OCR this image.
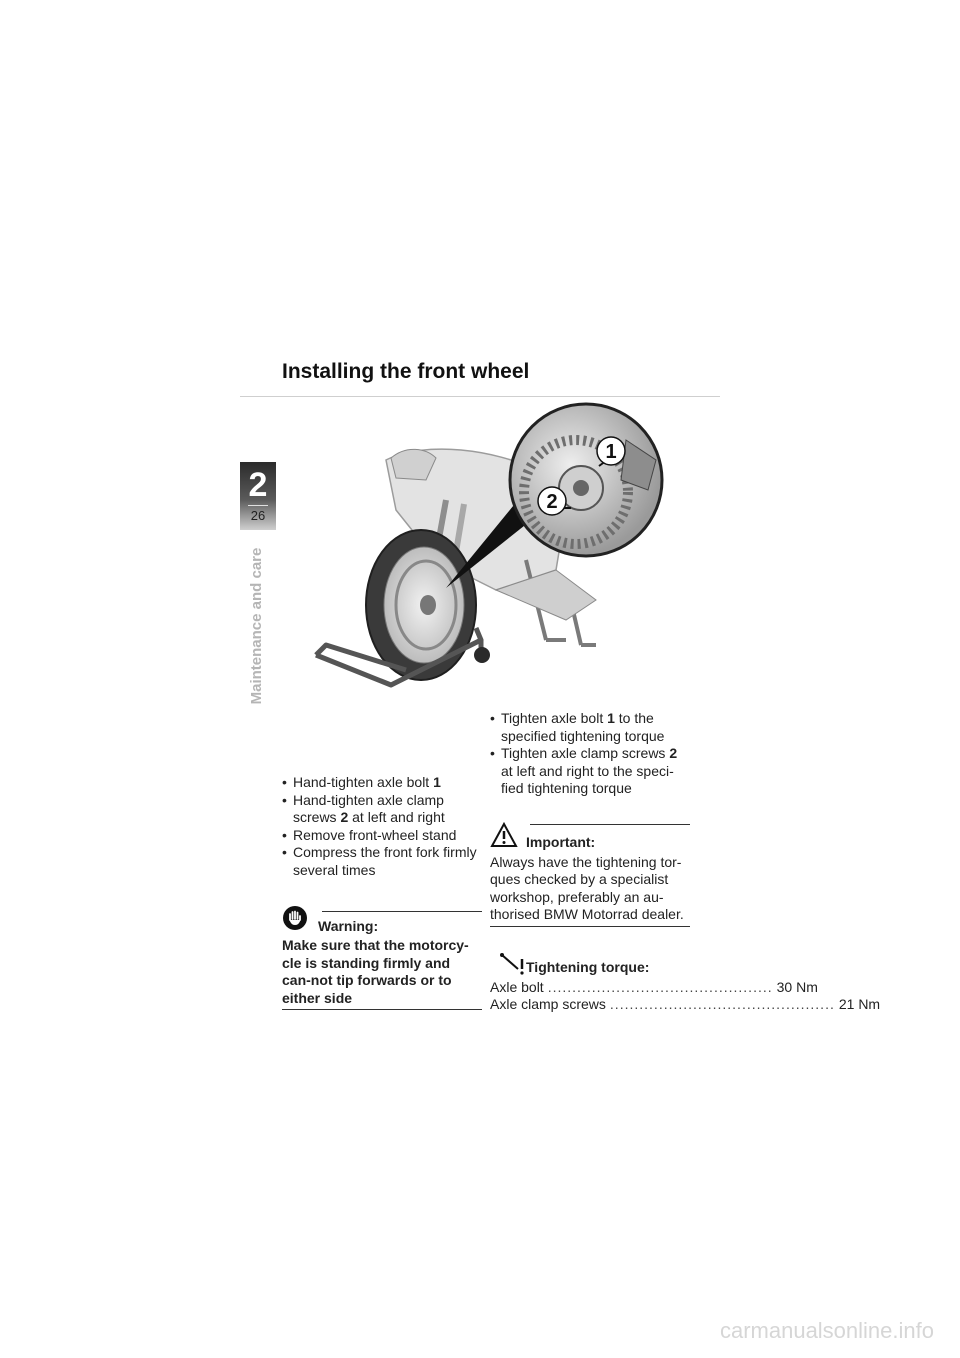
Installing the front wheel
2
26
Maintenance and care
1
2
• Hand-tighten axle bolt 1
• Hand-tighten axle clamp screws 2 at left and right
• Remove front-wheel stand
• Compress the front fork firmly several times
Warning:
Make sure that the motorcy-cle is standing firmly and can-not tip forwards or to either side
• Tighten axle bolt 1 to the specified tightening torque
• Tighten axle clamp screws 2 at left and right to the speci-fied tightening torque
Important:
Always have the tightening tor-ques checked by a specialist workshop, preferably an au-thorised BMW Motorrad dealer.
Tightening torque:
Axle bolt .............................................. 30 Nm
Axle clamp screws .............................................. 21 Nm
carmanualsonline.info
